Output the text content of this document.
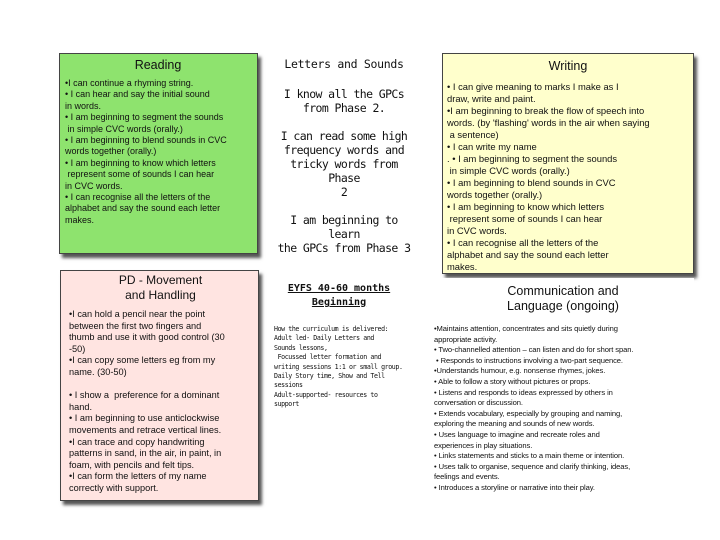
Reading

•I can continue a rhyming string.
• I can hear and say the initial sound
in words.
• I am beginning to segment the sounds
in simple CVC words (orally.)
• I am beginning to blend sounds in CVC
words together (orally.)
• I am beginning to know which letters
represent some of sounds I can hear
in CVC words.
• I can recognise all the letters of the
alphabet and say the sound each letter
makes.

Letters and Sounds

I know all the GPCs
from Phase 2.

I can read some high
frequency words and
tricky words from Phase
2

I am beginning to learn
the GPCs from Phase 3

Writing

• I can give meaning to marks I make as I
draw, write and paint.
•I am beginning to break the flow of speech into
words. (by 'flashing' words in the air when saying
a sentence)
• I can write my name
. • I am beginning to segment the sounds
in simple CVC words (orally.)
• I am beginning to blend sounds in CVC
words together (orally.)
• I am beginning to know which letters
represent some of sounds I can hear
in CVC words.
• I can recognise all the letters of the
alphabet and say the sound each letter
makes.

PD - Movement
and Handling

•I can hold a pencil near the point
between the first two fingers and
thumb and use it with good control (30
-50)
•I can copy some letters eg from my
name. (30-50)

• I show a  preference for a dominant
hand.
• I am beginning to use anticlockwise
movements and retrace vertical lines.
•I can trace and copy handwriting
patterns in sand, in the air, in paint, in
foam, with pencils and felt tips.
•I can form the letters of my name
correctly with support.

EYFS 40-60 months
Beginning

How the curriculum is delivered:
Adult led- Daily Letters and
Sounds lessons,
Focussed letter formation and
writing sessions 1:1 or small group.
Daily Story time, Show and Tell
sessions
Adult-supported- resources to
support

Communication and
Language (ongoing)

•Maintains attention, concentrates and sits quietly during
appropriate activity.
• Two-channelled attention – can listen and do for short span.
• Responds to instructions involving a two-part sequence.
•Understands humour, e.g. nonsense rhymes, jokes.
• Able to follow a story without pictures or props.
• Listens and responds to ideas expressed by others in
conversation or discussion.
• Extends vocabulary, especially by grouping and naming,
exploring the meaning and sounds of new words.
• Uses language to imagine and recreate roles and
experiences in play situations.
• Links statements and sticks to a main theme or intention.
• Uses talk to organise, sequence and clarify thinking, ideas,
feelings and events.
• Introduces a storyline or narrative into their play.
